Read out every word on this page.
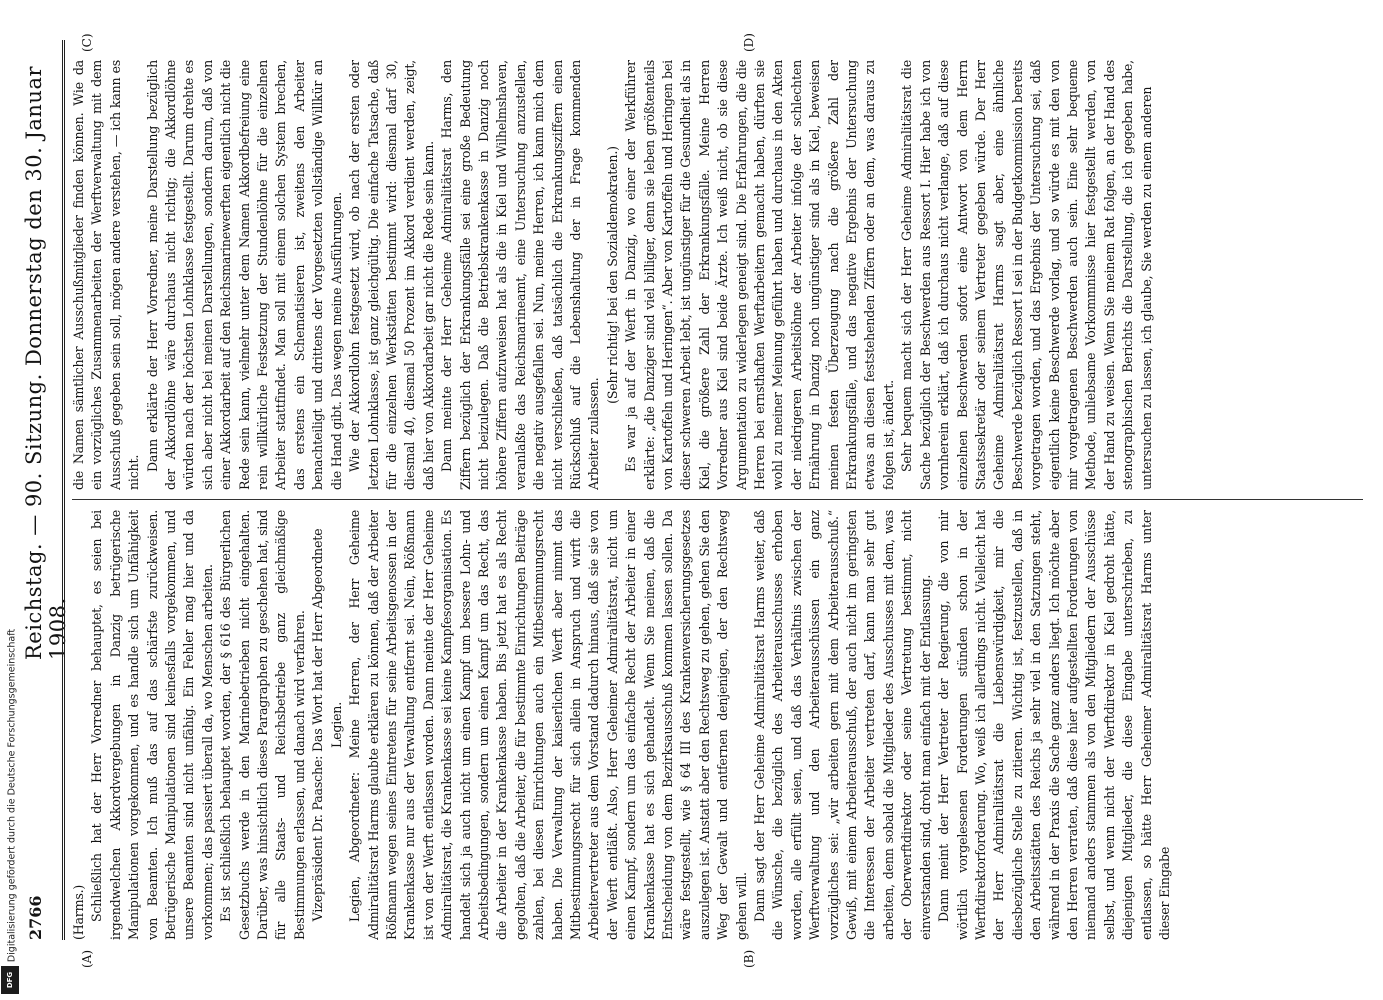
2766
Reichstag. — 90. Sitzung. Donnerstag den 30. Januar 1908.
(A)	(B)
(C)	(D)

(Harms.) Schließlich hat der Herr Vorredner behauptet, es seien bei irgendwelchen Akkordvergebungen in Danzig betrügerische Manipulationen vorgekommen, und es handle sich um Unfähigkeit von Beamten. Ich muß das auf das schärfste zurückweisen. Betrügerische Manipulationen sind keinesfalls vorgekommen, und unsere Beamten sind nicht unfähig. Ein Fehler mag hier und da vorkommen; das passiert überall da, wo Menschen arbeiten. Es ist schließlich behauptet worden, der § 616 des Bürgerlichen Gesetzbuchs werde in den Marinebetrieben nicht eingehalten. Darüber, was hinsichtlich dieses Paragraphen zu geschehen hat, sind für alle Staats- und Reichsbetriebe ganz gleichmäßige Bestimmungen erlassen, und danach wird verfahren. Vizepräsident Dr. Paasche: Das Wort hat der Herr Abgeordnete Legien. Legien, Abgeordneter: Meine Herren, der Herr Geheime Admiralitätsrat Harms glaubte erklären zu können, daß der Arbeiter Rößmann wegen seines Eintretens für seine Arbeitsgenossen in der Krankenkasse nur aus der Verwaltung entfernt sei. Nein, Rößmann ist von der Werft entlassen worden. Dann meinte der Herr Geheime Admiralitätsrat, die Krankenkasse sei keine Kampfesorganisation. Es handelt sich ja auch nicht um einen Kampf um bessere Lohn- und Arbeitsbedingungen, sondern um einen Kampf um das Recht, das die Arbeiter in der Krankenkasse haben. Bis jetzt hat es als Recht gegolten, daß die Arbeiter, die für bestimmte Einrichtungen Beiträge zahlen, bei diesen Einrichtungen auch ein Mitbestimmungsrecht haben. Die Verwaltung der kaiserlichen Werft aber nimmt das Mitbestimmungsrecht für sich allein in Anspruch und wirft die Arbeitervertreter aus dem Vorstand dadurch hinaus, daß sie sie von der Werft entläßt. Also, Herr Geheimer Admiralitätsrat, nicht um einen Kampf, sondern um das einfache Recht der Arbeiter in einer Krankenkasse hat es sich gehandelt. Wenn Sie meinen, daß die Entscheidung von dem Bezirksausschuß kommen lassen sollen. Da wäre festgestellt, wie § 64 III des Krankenversicherungsgesetzes auszulegen ist. Anstatt aber den Rechtsweg zu gehen, gehen Sie den Weg der Gewalt und entfernen denjenigen, der den Rechtsweg gehen will. Dann sagt der Herr Geheime Admiralitätsrat Harms weiter, daß die Wünsche, die bezüglich des Arbeiterausschusses erhoben worden, alle erfüllt seien, und daß das Verhältnis zwischen der Werftverwaltung und den Arbeiterausschüssen ein ganz vorzügliches sei: „wir arbeiten gern mit dem Arbeiterausschuß.“ Gewiß, mit einem Arbeiterausschuß, der auch nicht im geringsten die Interessen der Arbeiter vertreten darf, kann man sehr gut arbeiten, denn sobald die Mitglieder des Ausschusses mit dem, was der Oberwerftdirektor oder seine Vertretung bestimmt, nicht einverstanden sind, droht man einfach mit der Entlassung. Dann meint der Herr Vertreter der Regierung, die von mir wörtlich vorgelesenen Forderungen stünden schon in der Werftdirektorforderung. Wo, weiß ich allerdings nicht. Vielleicht hat der Herr Admiralitätsrat die Liebenswürdigkeit, mir die diesbezügliche Stelle zu zitieren. Wichtig ist, festzustellen, daß in den Arbeitsstätten des Reichs ja sehr viel in den Satzungen steht, während in der Praxis die Sache ganz anders liegt. Ich möchte aber den Herren verraten, daß diese hier aufgestellten Forderungen von niemand anders stammen als von den Mitgliedern der Ausschüsse selbst, und wenn nicht der Werftdirektor in Kiel gedroht hätte, diejenigen Mitglieder, die diese Eingabe unterschrieben, zu entlassen, so hätte Herr Geheimer Admiralitätsrat Harms unter dieser Eingabe

die Namen sämtlicher Ausschußmitglieder finden können. Wie da ein vorzügliches Zusammenarbeiten der Werftverwaltung mit dem Ausschuß gegeben sein soll, mögen andere verstehen, — ich kann es nicht.

Dann erklärte der Herr Vorredner, meine Darstellung bezüglich der Akkordlöhne wäre durchaus nicht richtig; die Akkordlöhne würden nach der höchsten Lohnklasse festgestellt. Darum drehte es sich aber nicht bei meinen Darstellungen, sondern darum, daß von einer Akkordarbeit auf den Reichsmarinewerften eigentlich nicht die Rede sein kann, vielmehr unter dem Namen Akkordbefreiung eine rein willkürliche Festsetzung der Stundenlöhne für die einzelnen Arbeiter stattfindet. Man soll mit einem solchen System brechen, das erstens ein Schematisieren ist, zweitens den Arbeiter benachteiligt und drittens der Vorgesetzten vollständige Willkür an die Hand gibt. Das wegen meine Ausführungen. Wie der Akkordlohn festgesetzt wird, ob nach der ersten oder letzten Lohnklasse, ist ganz gleichgültig. Die einfache Tatsache, daß für die einzelnen Werkstätten bestimmt wird: diesmal darf 30, diesmal 40, diesmal 50 Prozent im Akkord verdient werden, zeigt, daß hier von Akkordarbeit gar nicht die Rede sein kann. Dann meinte der Herr Geheime Admiralitätsrat Harms, den Ziffern bezüglich der Erkrankungsfälle sei eine große Bedeutung nicht beizulegen. Daß die Betriebskrankenkasse in Danzig noch höhere Ziffern aufzuweisen hat als die in Kiel und Wilhelmshaven, veranlaßte das Reichsmarineamt, eine Untersuchung anzustellen, die negativ ausgefallen sei. Nun, meine Herren, ich kann mich dem nicht verschließen, daß tatsächlich die Erkrankungsziffern einen Rückschluß auf die Lebenshaltung der in Frage kommenden Arbeiter zulassen.

(Sehr richtig! bei den Sozialdemokraten.) Es war ja auf der Werft in Danzig, wo einer der Werkführer erklärte: „die Danziger sind viel billiger, denn sie leben größtenteils von Kartoffeln und Heringen“. Aber von Kartoffeln und Heringen bei dieser schweren Arbeit lebt, ist ungünstiger für die Gesundheit als in Kiel, die größere Zahl der Erkrankungsfälle. Meine Herren Vorredner aus Kiel sind beide Ärzte. Ich weiß nicht, ob sie diese Argumentation zu widerlegen geneigt sind. Die Erfahrungen, die die Herren bei ernsthaften Werftarbeitern gemacht haben, dürften sie wohl zu meiner Meinung geführt haben und durchaus in den Akten der niedrigeren Arbeitslöhne der Arbeiter infolge der schlechten Ernährung in Danzig noch ungünstiger sind als in Kiel, beweisen meinen festen Überzeugung nach die größere Zahl der Erkrankungsfälle, und das negative Ergebnis der Untersuchung etwas an diesen feststehenden Ziffern oder an dem, was daraus zu folgen ist, ändert. Sehr bequem macht sich der Herr Geheime Admiralitätsrat die Sache bezüglich der Beschwerden aus Ressort I. Hier habe ich von vornherein erklärt, daß ich durchaus nicht verlange, daß auf diese einzelnen Beschwerden sofort eine Antwort von dem Herrn Staatssekretär oder seinem Vertreter gegeben würde. Der Herr Geheime Admiralitätsrat Harms sagt aber, eine ähnliche Beschwerde bezüglich Ressort I sei in der Budgetkommission bereits vorgetragen worden, und das Ergebnis der Untersuchung sei, daß eigentlich keine Beschwerde vorlag, und so würde es mit den von mir vorgetragenen Beschwerden auch sein. Eine sehr bequeme Methode, unliebsame Vorkommnisse hier festgestellt werden, von der Hand zu weisen. Wenn Sie meinem Rat folgen, an der Hand des stenographischen Berichts die Darstellung, die ich gegeben habe, untersuchen zu lassen, ich glaube, Sie werden zu einem anderen

Digitalisierung gefördert durch die Deutsche Forschungsgemeinschaft
DFG
